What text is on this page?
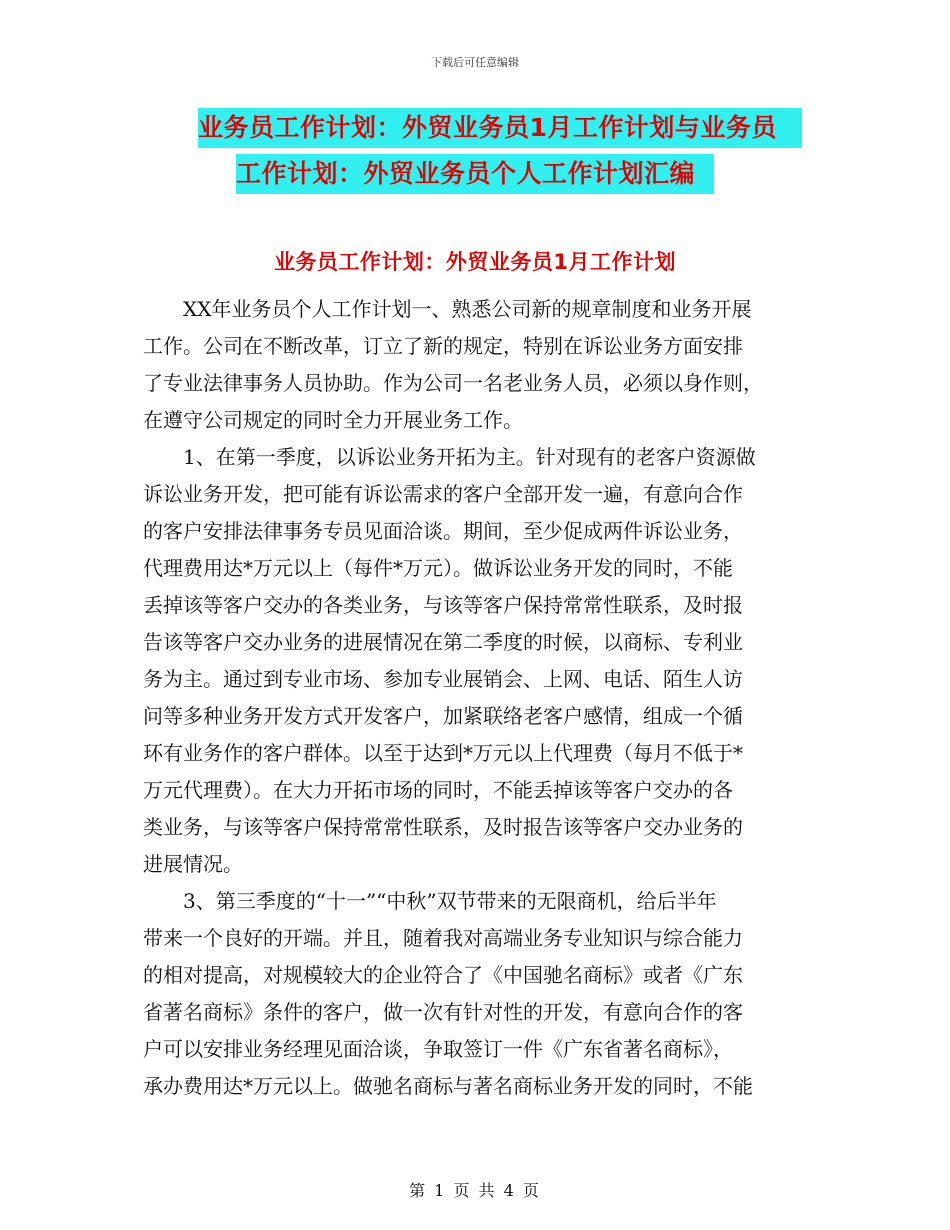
下载后可任意编辑
业务员工作计划：外贸业务员1月工作计划与业务员
工作计划：外贸业务员个人工作计划汇编
业务员工作计划：外贸业务员1月工作计划
XX年业务员个人工作计划一、熟悉公司新的规章制度和业务开展
工作。公司在不断改革，订立了新的规定，特别在诉讼业务方面安排
了专业法律事务人员协助。作为公司一名老业务人员，必须以身作则，
在遵守公司规定的同时全力开展业务工作。
1、在第一季度，以诉讼业务开拓为主。针对现有的老客户资源做
诉讼业务开发，把可能有诉讼需求的客户全部开发一遍，有意向合作
的客户安排法律事务专员见面洽谈。期间，至少促成两件诉讼业务，
代理费用达*万元以上（每件*万元）。做诉讼业务开发的同时，不能
丢掉该等客户交办的各类业务，与该等客户保持常常性联系，及时报
告该等客户交办业务的进展情况在第二季度的时候，以商标、专利业
务为主。通过到专业市场、参加专业展销会、上网、电话、陌生人访
问等多种业务开发方式开发客户，加紧联络老客户感情，组成一个循
环有业务作的客户群体。以至于达到*万元以上代理费（每月不低于*
万元代理费）。在大力开拓市场的同时，不能丢掉该等客户交办的各
类业务，与该等客户保持常常性联系，及时报告该等客户交办业务的
进展情况。
3、第三季度的“十一”“中秋”双节带来的无限商机，给后半年
带来一个良好的开端。并且，随着我对高端业务专业知识与综合能力
的相对提高，对规模较大的企业符合了《中国驰名商标》或者《广东
省著名商标》条件的客户，做一次有针对性的开发，有意向合作的客
户可以安排业务经理见面洽谈，争取签订一件《广东省著名商标》，
承办费用达*万元以上。做驰名商标与著名商标业务开发的同时，不能
第 1 页 共 4 页
